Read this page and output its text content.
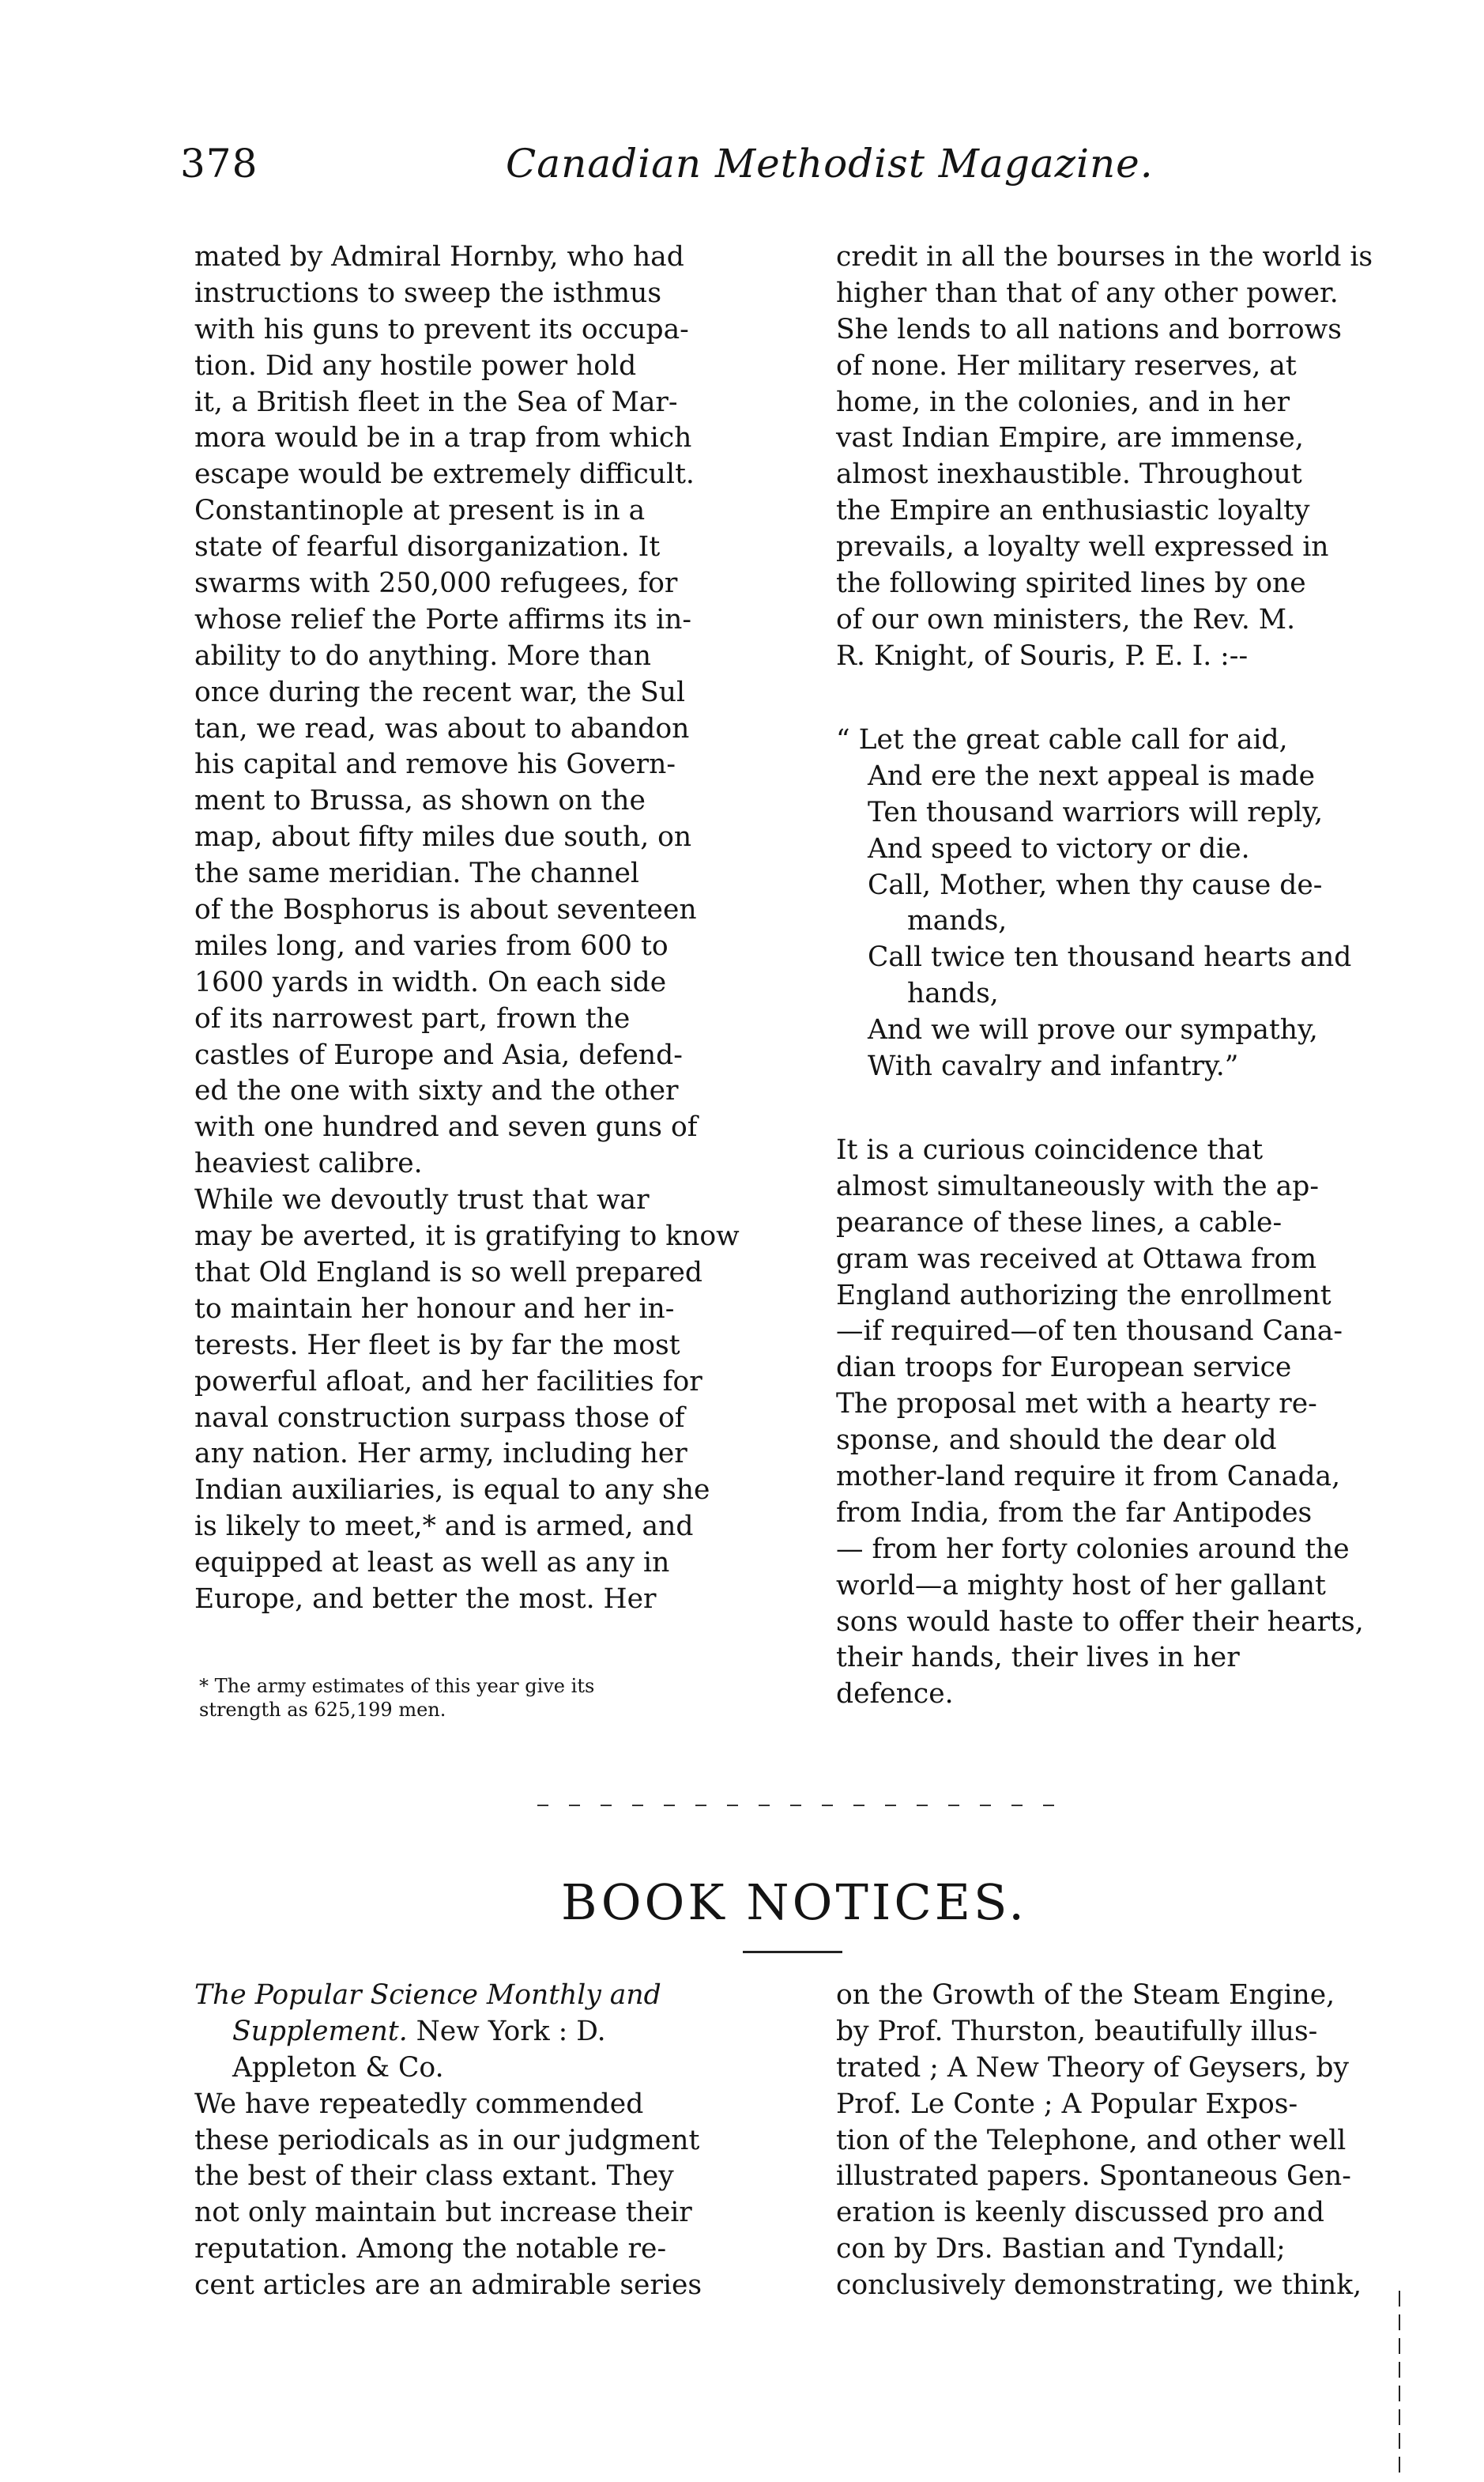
378	Canadian Methodist Magazine.
mated by Admiral Hornby, who had
instructions to sweep the isthmus
with his guns to prevent its occupa-
tion. Did any hostile power hold
it, a British fleet in the Sea of Mar-
mora would be in a trap from which
escape would be extremely difficult.
Constantinople at present is in a
state of fearful disorganization. It
swarms with 250,000 refugees, for
whose relief the Porte affirms its in-
ability to do anything. More than
once during the recent war, the Sul
tan, we read, was about to abandon
his capital and remove his Govern-
ment to Brussa, as shown on the
map, about fifty miles due south, on
the same meridian. The channel
of the Bosphorus is about seventeen
miles long, and varies from 600 to
1600 yards in width. On each side
of its narrowest part, frown the
castles of Europe and Asia, defend-
ed the one with sixty and the other
with one hundred and seven guns of
heaviest calibre.
While we devoutly trust that war
may be averted, it is gratifying to know
that Old England is so well prepared
to maintain her honour and her in-
terests. Her fleet is by far the most
powerful afloat, and her facilities for
naval construction surpass those of
any nation. Her army, including her
Indian auxiliaries, is equal to any she
is likely to meet,* and is armed, and
equipped at least as well as any in
Europe, and better the most. Her
* The army estimates of this year give its
strength as 625,199 men.
credit in all the bourses in the world is
higher than that of any other power.
She lends to all nations and borrows
of none. Her military reserves, at
home, in the colonies, and in her
vast Indian Empire, are immense,
almost inexhaustible. Throughout
the Empire an enthusiastic loyalty
prevails, a loyalty well expressed in
the following spirited lines by one
of our own ministers, the Rev. M.
R. Knight, of Souris, P. E. I. :--
“ Let the great cable call for aid,
And ere the next appeal is made
Ten thousand warriors will reply,
And speed to victory or die.
Call, Mother, when thy cause de-
mands,
Call twice ten thousand hearts and
hands,
And we will prove our sympathy,
With cavalry and infantry.”
It is a curious coincidence that
almost simultaneously with the ap-
pearance of these lines, a cable-
gram was received at Ottawa from
England authorizing the enrollment
—if required—of ten thousand Cana-
dian troops for European service
The proposal met with a hearty re-
sponse, and should the dear old
mother-land require it from Canada,
from India, from the far Antipodes
— from her forty colonies around the
world—a mighty host of her gallant
sons would haste to offer their hearts,
their hands, their lives in her
defence.
BOOK NOTICES.
The Popular Science Monthly and
Supplement. New York : D.
Appleton & Co.
We have repeatedly commended
these periodicals as in our judgment
the best of their class extant. They
not only maintain but increase their
reputation. Among the notable re-
cent articles are an admirable series
on the Growth of the Steam Engine,
by Prof. Thurston, beautifully illus-
trated ; A New Theory of Geysers, by
Prof. Le Conte ; A Popular Expos-
tion of the Telephone, and other well
illustrated papers. Spontaneous Gen-
eration is keenly discussed pro and
con by Drs. Bastian and Tyndall;
conclusively demonstrating, we think,
